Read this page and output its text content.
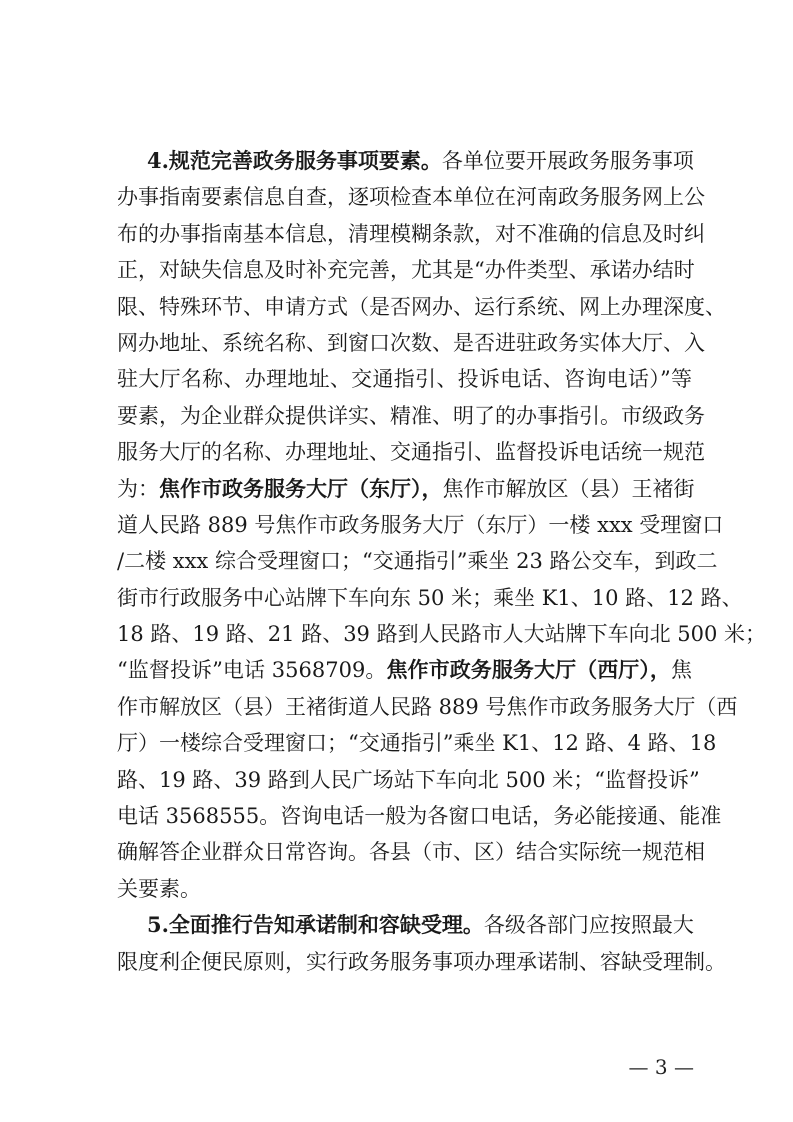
4.规范完善政务服务事项要素。各单位要开展政务服务事项
办事指南要素信息自查，逐项检查本单位在河南政务服务网上公
布的办事指南基本信息，清理模糊条款，对不准确的信息及时纠
正，对缺失信息及时补充完善，尤其是“办件类型、承诺办结时
限、特殊环节、申请方式（是否网办、运行系统、网上办理深度、
网办地址、系统名称、到窗口次数、是否进驻政务实体大厅、入
驻大厅名称、办理地址、交通指引、投诉电话、咨询电话）”等
要素，为企业群众提供详实、精准、明了的办事指引。市级政务
服务大厅的名称、办理地址、交通指引、监督投诉电话统一规范
为：焦作市政务服务大厅（东厅），焦作市解放区（县）王褚街
道人民路 889 号焦作市政务服务大厅（东厅）一楼 xxx 受理窗口
/二楼 xxx 综合受理窗口；“交通指引”乘坐 23 路公交车，到政二
街市行政服务中心站牌下车向东 50 米；乘坐 K1、10 路、12 路、
18 路、19 路、21 路、39 路到人民路市人大站牌下车向北 500 米；
“监督投诉”电话 3568709。焦作市政务服务大厅（西厅），焦
作市解放区（县）王褚街道人民路 889 号焦作市政务服务大厅（西
厅）一楼综合受理窗口；“交通指引”乘坐 K1、12 路、4 路、18
路、19 路、39 路到人民广场站下车向北 500 米；“监督投诉”
电话 3568555。咨询电话一般为各窗口电话，务必能接通、能准
确解答企业群众日常咨询。各县（市、区）结合实际统一规范相
关要素。
5.全面推行告知承诺制和容缺受理。各级各部门应按照最大
限度利企便民原则，实行政务服务事项办理承诺制、容缺受理制。
— 3 —
